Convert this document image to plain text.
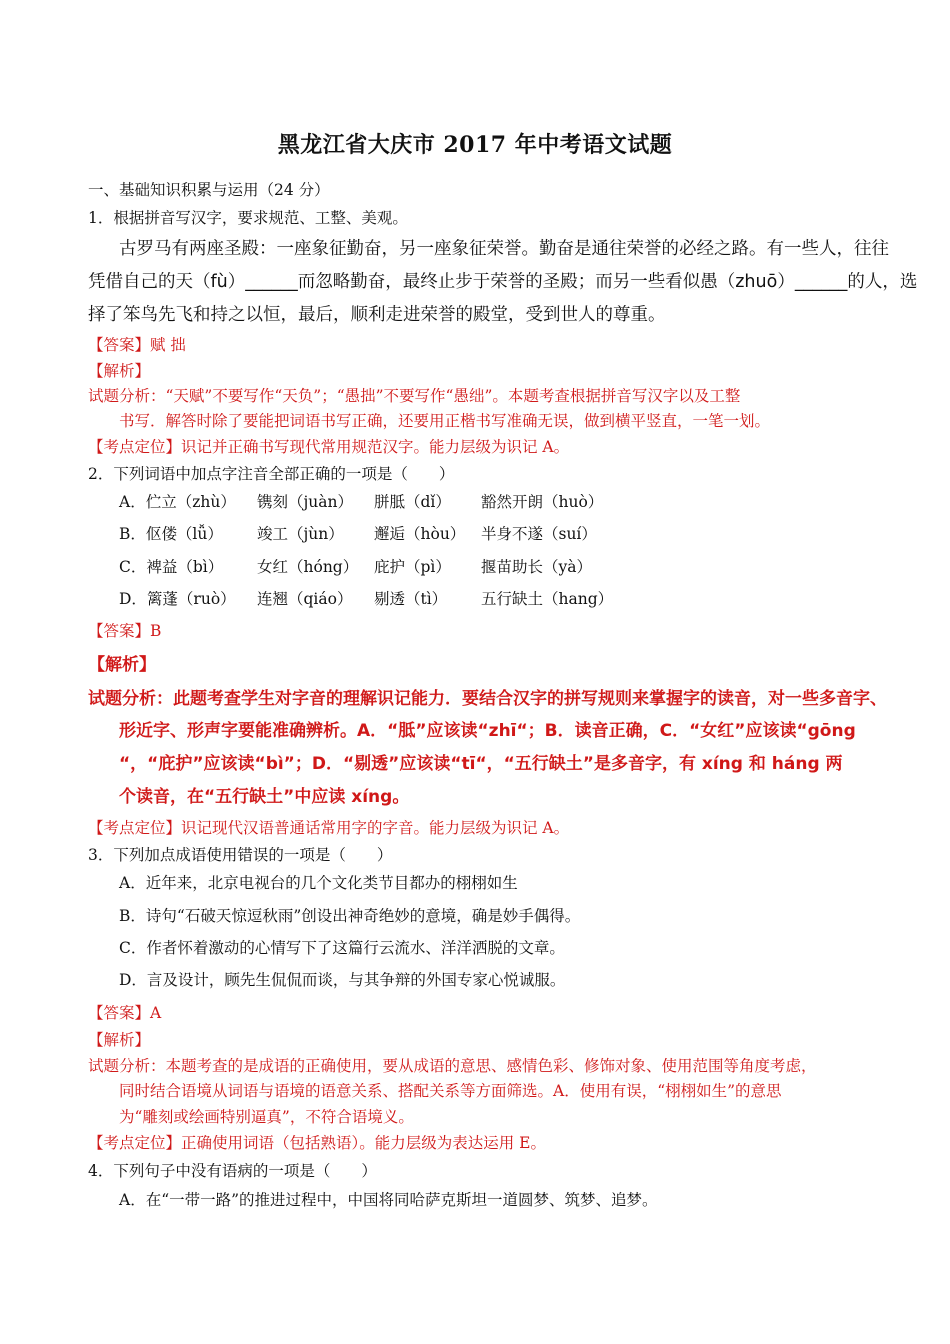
黑龙江省大庆市 2017 年中考语文试题
一、基础知识积累与运用（24 分）
1．根据拼音写汉字，要求规范、工整、美观。
古罗马有两座圣殿：一座象征勤奋，另一座象征荣誉。勤奋是通往荣誉的必经之路。有一些人，往往
凭借自己的天（fù）______而忽略勤奋，最终止步于荣誉的圣殿；而另一些看似愚（zhuō）______的人，选
择了笨鸟先飞和持之以恒，最后，顺利走进荣誉的殿堂，受到世人的尊重。
【答案】赋 拙
【解析】
试题分析：“天赋”不要写作“天负”；“愚拙”不要写作“愚绌”。本题考查根据拼音写汉字以及工整
书写．解答时除了要能把词语书写正确，还要用正楷书写准确无误，做到横平竖直，一笔一划。
【考点定位】识记并正确书写现代常用规范汉字。能力层级为识记 A。
2．下列词语中加点字注音全部正确的一项是（　　）
A．伫立（zhù） 镌刻（juàn） 胼胝（dǐ） 豁然开朗（huò）
B．伛偻（lǚ） 竣工（jùn） 邂逅（hòu） 半身不遂（suí）
C．裨益（bì） 女红（hóng） 庇护（pì） 揠苗助长（yà）
D．篱蓬（ruò） 连翘（qiáo） 剔透（tì） 五行缺土（hang）
【答案】B
【解析】
试题分析：此题考查学生对字音的理解识记能力．要结合汉字的拼写规则来掌握字的读音，对一些多音字、
形近字、形声字要能准确辨析。A．“胝”应该读“zhī“；B．读音正确，C．“女红”应该读“gōng
“，“庇护”应该读“bì”；D．“剔透”应该读“tī“，“五行缺土”是多音字，有 xíng 和 háng 两
个读音，在“五行缺土”中应读 xíng。
【考点定位】识记现代汉语普通话常用字的字音。能力层级为识记 A。
3．下列加点成语使用错误的一项是（　　）
A．近年来，北京电视台的几个文化类节目都办的栩栩如生
B．诗句“石破天惊逗秋雨”创设出神奇绝妙的意境，确是妙手偶得。
C．作者怀着激动的心情写下了这篇行云流水、洋洋洒脱的文章。
D．言及设计，顾先生侃侃而谈，与其争辩的外国专家心悦诚服。
【答案】A
【解析】
试题分析：本题考查的是成语的正确使用，要从成语的意思、感情色彩、修饰对象、使用范围等角度考虑，
同时结合语境从词语与语境的语意关系、搭配关系等方面筛选。A．使用有误，“栩栩如生”的意思
为“雕刻或绘画特别逼真”，不符合语境义。
【考点定位】正确使用词语（包括熟语）。能力层级为表达运用 E。
4．下列句子中没有语病的一项是（　　）
A．在“一带一路”的推进过程中，中国将同哈萨克斯坦一道圆梦、筑梦、追梦。
